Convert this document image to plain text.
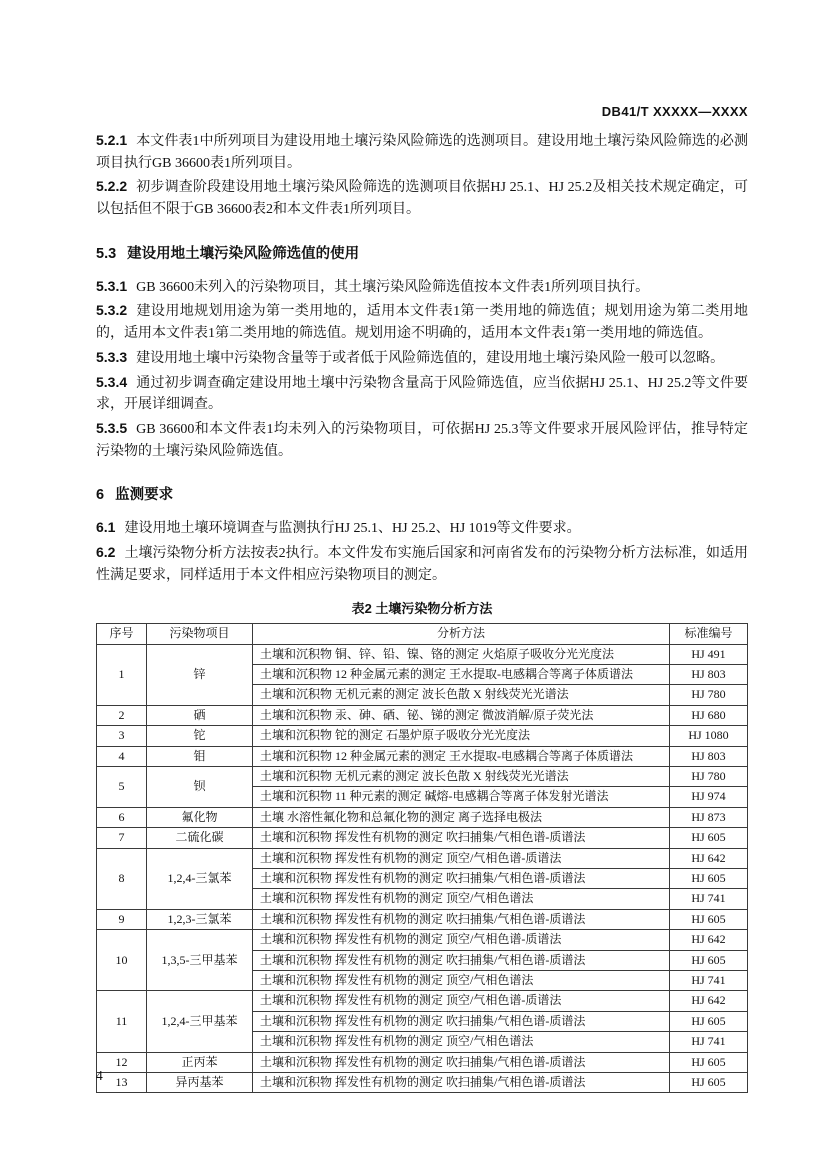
DB41/T XXXXX—XXXX

5.2.1 本文件表1中所列项目为建设用地土壤污染风险筛选的选测项目。建设用地土壤污染风险筛选的必测项目执行GB 36600表1所列项目。

5.2.2 初步调查阶段建设用地土壤污染风险筛选的选测项目依据HJ 25.1、HJ 25.2及相关技术规定确定，可以包括但不限于GB 36600表2和本文件表1所列项目。

5.3 建设用地土壤污染风险筛选值的使用

5.3.1 GB 36600未列入的污染物项目，其土壤污染风险筛选值按本文件表1所列项目执行。

5.3.2 建设用地规划用途为第一类用地的，适用本文件表1第一类用地的筛选值；规划用途为第二类用地的，适用本文件表1第二类用地的筛选值。规划用途不明确的，适用本文件表1第一类用地的筛选值。

5.3.3 建设用地土壤中污染物含量等于或者低于风险筛选值的，建设用地土壤污染风险一般可以忽略。

5.3.4 通过初步调查确定建设用地土壤中污染物含量高于风险筛选值，应当依据HJ 25.1、HJ 25.2等文件要求，开展详细调查。

5.3.5 GB 36600和本文件表1均未列入的污染物项目，可依据HJ 25.3等文件要求开展风险评估，推导特定污染物的土壤污染风险筛选值。

6 监测要求

6.1 建设用地土壤环境调查与监测执行HJ 25.1、HJ 25.2、HJ 1019等文件要求。

6.2 土壤污染物分析方法按表2执行。本文件发布实施后国家和河南省发布的污染物分析方法标准，如适用性满足要求，同样适用于本文件相应污染物项目的测定。

表2 土壤污染物分析方法
序号	污染物项目	分析方法	标准编号
1	锌	土壤和沉积物 铜、锌、铅、镍、铬的测定 火焰原子吸收分光光度法	HJ 491
		土壤和沉积物 12 种金属元素的测定 王水提取-电感耦合等离子体质谱法	HJ 803
		土壤和沉积物 无机元素的测定 波长色散 X 射线荧光光谱法	HJ 780
2	硒	土壤和沉积物 汞、砷、硒、铋、锑的测定 微波消解/原子荧光法	HJ 680
3	铊	土壤和沉积物 铊的测定 石墨炉原子吸收分光光度法	HJ 1080
4	钼	土壤和沉积物 12 种金属元素的测定 王水提取-电感耦合等离子体质谱法	HJ 803
5	钡	土壤和沉积物 无机元素的测定 波长色散 X 射线荧光光谱法	HJ 780
		土壤和沉积物 11 种元素的测定 碱熔-电感耦合等离子体发射光谱法	HJ 974
6	氟化物	土壤 水溶性氟化物和总氟化物的测定 离子选择电极法	HJ 873
7	二硫化碳	土壤和沉积物 挥发性有机物的测定 吹扫捕集/气相色谱-质谱法	HJ 605
8	1,2,4-三氯苯	土壤和沉积物 挥发性有机物的测定 顶空/气相色谱-质谱法	HJ 642
		土壤和沉积物 挥发性有机物的测定 吹扫捕集/气相色谱-质谱法	HJ 605
		土壤和沉积物 挥发性有机物的测定 顶空/气相色谱法	HJ 741
9	1,2,3-三氯苯	土壤和沉积物 挥发性有机物的测定 吹扫捕集/气相色谱-质谱法	HJ 605
10	1,3,5-三甲基苯	土壤和沉积物 挥发性有机物的测定 顶空/气相色谱-质谱法	HJ 642
		土壤和沉积物 挥发性有机物的测定 吹扫捕集/气相色谱-质谱法	HJ 605
		土壤和沉积物 挥发性有机物的测定 顶空/气相色谱法	HJ 741
11	1,2,4-三甲基苯	土壤和沉积物 挥发性有机物的测定 顶空/气相色谱-质谱法	HJ 642
		土壤和沉积物 挥发性有机物的测定 吹扫捕集/气相色谱-质谱法	HJ 605
		土壤和沉积物 挥发性有机物的测定 顶空/气相色谱法	HJ 741
12	正丙苯	土壤和沉积物 挥发性有机物的测定 吹扫捕集/气相色谱-质谱法	HJ 605
13	异丙基苯	土壤和沉积物 挥发性有机物的测定 吹扫捕集/气相色谱-质谱法	HJ 605
4
